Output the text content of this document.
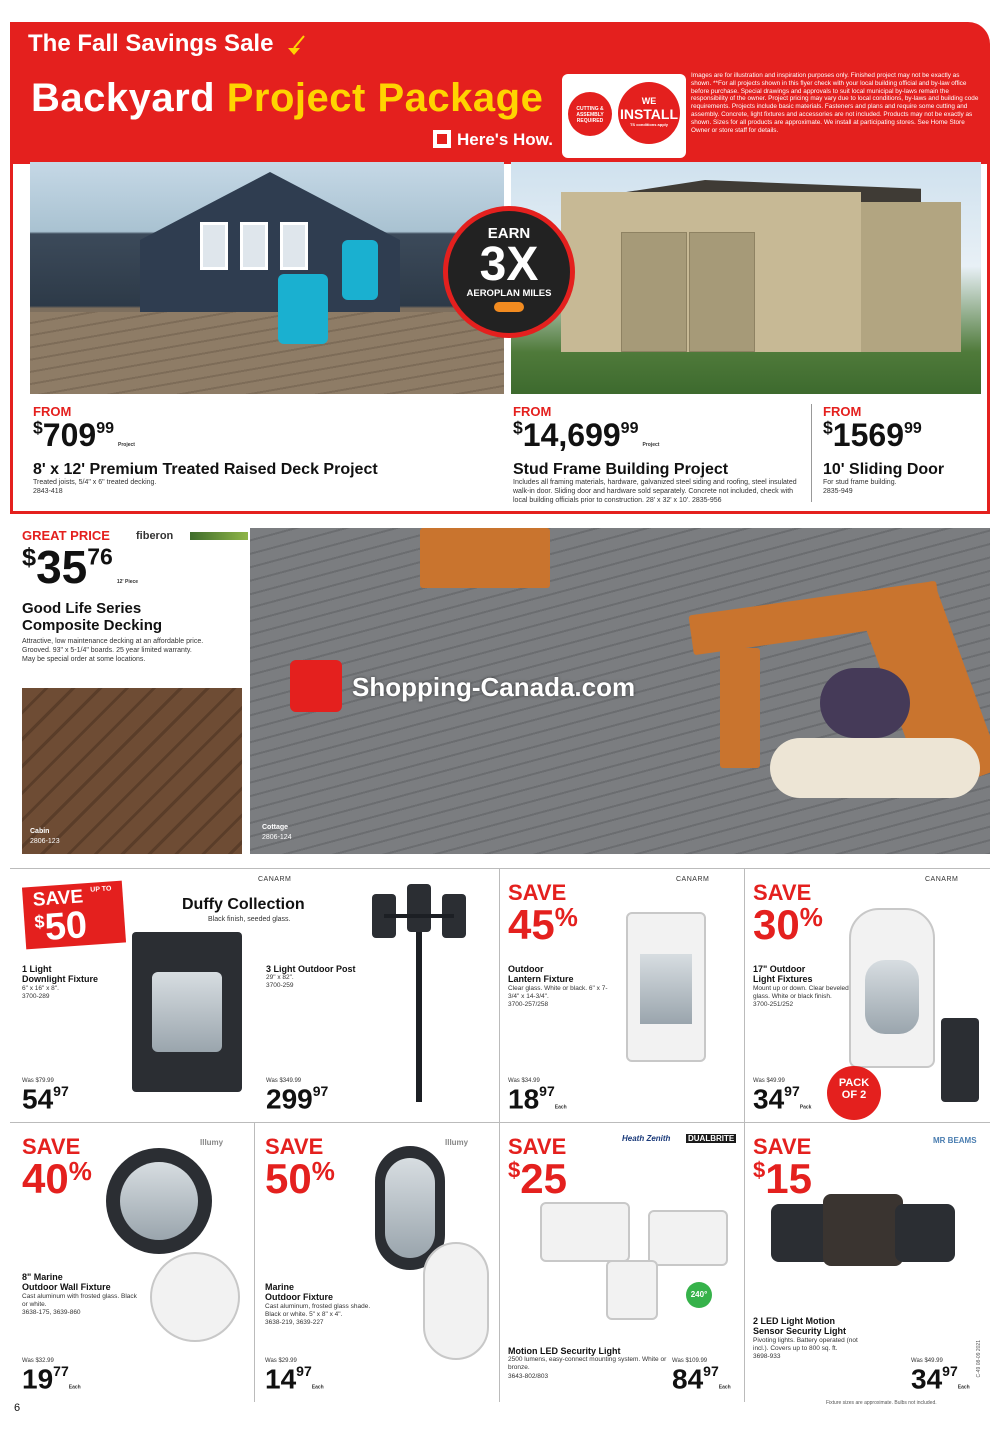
The Fall Savings Sale
Backyard Project Package
Here's How.
CUTTING & ASSEMBLY REQUIRED
WE
INSTALL
TS conditions apply
Images are for illustration and inspiration purposes only. Finished project may not be exactly as shown. **For all projects shown in this flyer check with your local building official and by-law office before purchase. Special drawings and approvals to suit local municipal by-laws remain the responsibility of the owner. Project pricing may vary due to local conditions, by-laws and building code requirements. Projects include basic materials. Fasteners and plans and require some cutting and assembly. Concrete, light fixtures and accessories are not included. Products may not be exactly as shown. Sizes for all products are approximate. We install at participating stores. See Home Store Owner or store staff for details.
EARN
3X
AEROPLAN MILES
FROM
$^{\$}709^{99}Project$
8' x 12' Premium Treated Raised Deck Project
Treated joists, 5/4" x 6" treated decking.
2843-418
FROM
$14,699$^{99}$Project
Stud Frame Building Project
Includes all framing materials, hardware, galvanized steel siding and roofing, steel insulated walk-in door. Sliding door and hardware sold separately. Concrete not included, check with local building officials prior to construction. 28' x 32' x 10'. 2835-956
FROM
$1569$^{99}$
10' Sliding Door
For stud frame building.
2835-949
GREAT PRICE fiberon
$^{\$}35^{76}12'$ Piece
Good Life Series
Composite Decking
Attractive, low maintenance decking at an affordable price. Grooved. 93" x 5-1/4" boards. 25 year limited warranty.
May be special order at some locations.
Cabin
2806-123
Cottage
2806-124
SAVE UP TO
$50
CANARM
Duffy Collection
Black finish, seeded glass.
1 Light
Downlight Fixture
6" x 16" x 8".
3700-289
Was $79.99
$54^{97}$
3 Light Outdoor Post
29" x 82".
3700-259
Was $349.99
$299^{97}$
SAVE
45%
CANARM
Outdoor
Lantern Fixture
Clear glass. White or black. 6" x 7-3/4" x 14-3/4".
3700-257/258
Was $34.99
$18^{97}Each$
SAVE
30%
CANARM
17" Outdoor
Light Fixtures
Mount up or down. Clear beveled glass. White or black finish.
3700-251/252
PACK
OF 2
Was $49.99
$34^{97}Pack$
SAVE
40%
Illumy
8" Marine
Outdoor Wall Fixture
Cast aluminum with frosted glass. Black or white.
3638-175, 3639-860
Was $32.99
$19^{77}Each$
SAVE
50%
Illumy
Marine
Outdoor Fixture
Cast aluminum, frosted glass shade. Black or white. 5" x 8" x 4".
3638-219, 3639-227
Was $29.99
$14^{97}Each$
SAVE
$25
Heath Zenith DUALBRITE
240°
Motion LED Security Light
2500 lumens, easy-connect mounting system. White or bronze.
3643-802/803
Was $109.99
$84^{97}Each$
SAVE
$15
MR BEAMS
2 LED Light Motion
Sensor Security Light
Pivoting lights. Battery operated (not incl.). Covers up to 800 sq. ft.
3698-933
Was $49.99
$34^{97}Each$
Shopping-Canada.com
6	Fixture sizes are approximate. Bulbs not included.
C-49 08-09 2021
